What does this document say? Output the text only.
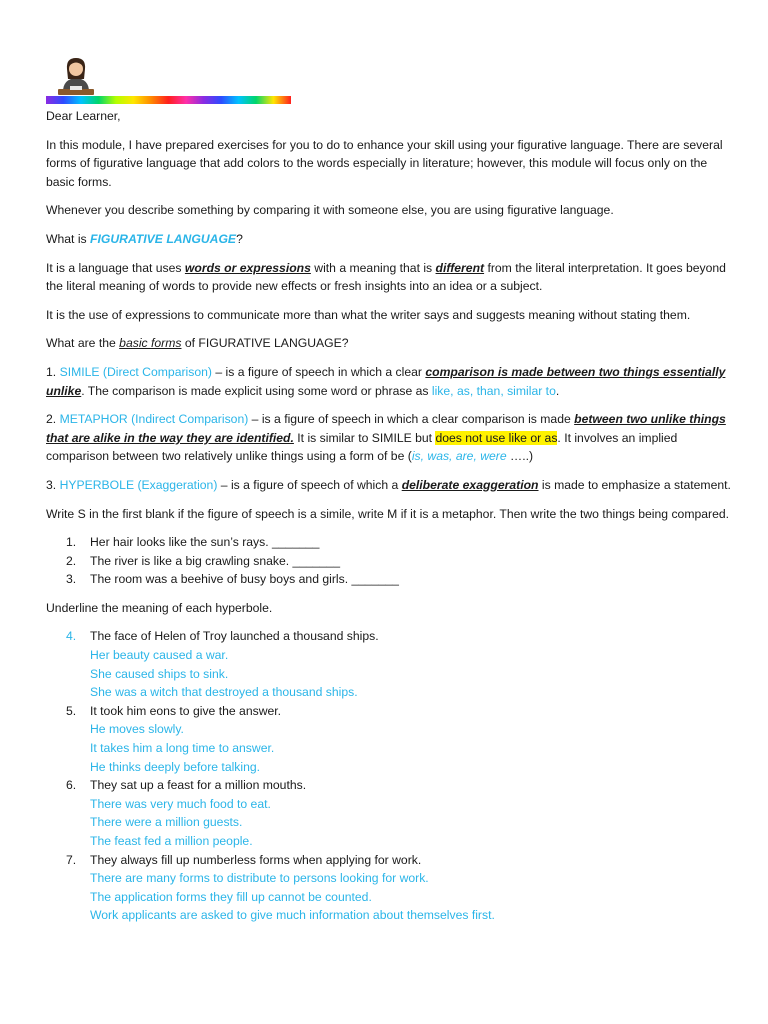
Dear Learner,

In this module, I have prepared exercises for you to do to enhance your skill using your figurative language. There are several forms of figurative language that add colors to the words especially in literature; however, this module will focus only on the basic forms.

Whenever you describe something by comparing it with someone else, you are using figurative language.

What is FIGURATIVE LANGUAGE?

It is a language that uses words or expressions with a meaning that is different from the literal interpretation. It goes beyond the literal meaning of words to provide new effects or fresh insights into an idea or a subject.

It is the use of expressions to communicate more than what the writer says and suggests meaning without stating them.

What are the basic forms of FIGURATIVE LANGUAGE?

1. SIMILE (Direct Comparison) – is a figure of speech in which a clear comparison is made between two things essentially unlike. The comparison is made explicit using some word or phrase as like, as, than, similar to.

2. METAPHOR (Indirect Comparison) – is a figure of speech in which a clear comparison is made between two unlike things that are alike in the way they are identified. It is similar to SIMILE but does not use like or as. It involves an implied comparison between two relatively unlike things using a form of be (is, was, are, were …..)

3. HYPERBOLE (Exaggeration) – is a figure of speech of which a deliberate exaggeration is made to emphasize a statement.

Write S in the first blank if the figure of speech is a simile, write M if it is a metaphor. Then write the two things being compared.

1. Her hair looks like the sun’s rays. _______
2. The river is like a big crawling snake. _______
3. The room was a beehive of busy boys and girls. _______

Underline the meaning of each hyperbole.

4. The face of Helen of Troy launched a thousand ships.
Her beauty caused a war.
She caused ships to sink.
She was a witch that destroyed a thousand ships.
5. It took him eons to give the answer.
He moves slowly.
It takes him a long time to answer.
He thinks deeply before talking.
6. They sat up a feast for a million mouths.
There was very much food to eat.
There were a million guests.
The feast fed a million people.
7. They always fill up numberless forms when applying for work.
There are many forms to distribute to persons looking for work.
The application forms they fill up cannot be counted.
Work applicants are asked to give much information about themselves first.
